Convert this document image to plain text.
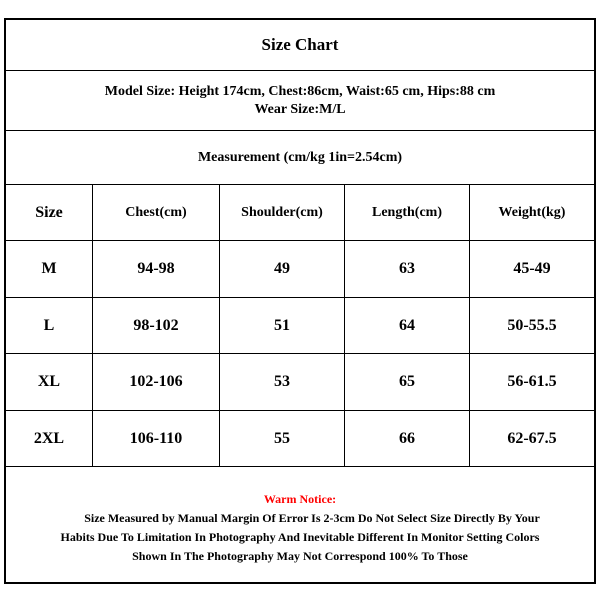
Size Chart
Model Size: Height 174cm, Chest:86cm, Waist:65 cm, Hips:88 cm
Wear Size:M/L
Measurement (cm/kg 1in=2.54cm)
Size	Chest(cm)	Shoulder(cm)	Length(cm)	Weight(kg)
M	94-98	49	63	45-49
L	98-102	51	64	50-55.5
XL	102-106	53	65	56-61.5
2XL	106-110	55	66	62-67.5
Warm Notice:
Size Measured by Manual Margin Of Error Is 2-3cm Do Not Select Size Directly By Your
Habits Due To Limitation In Photography And Inevitable Different In Monitor Setting Colors
Shown In The Photography May Not Correspond 100% To Those
